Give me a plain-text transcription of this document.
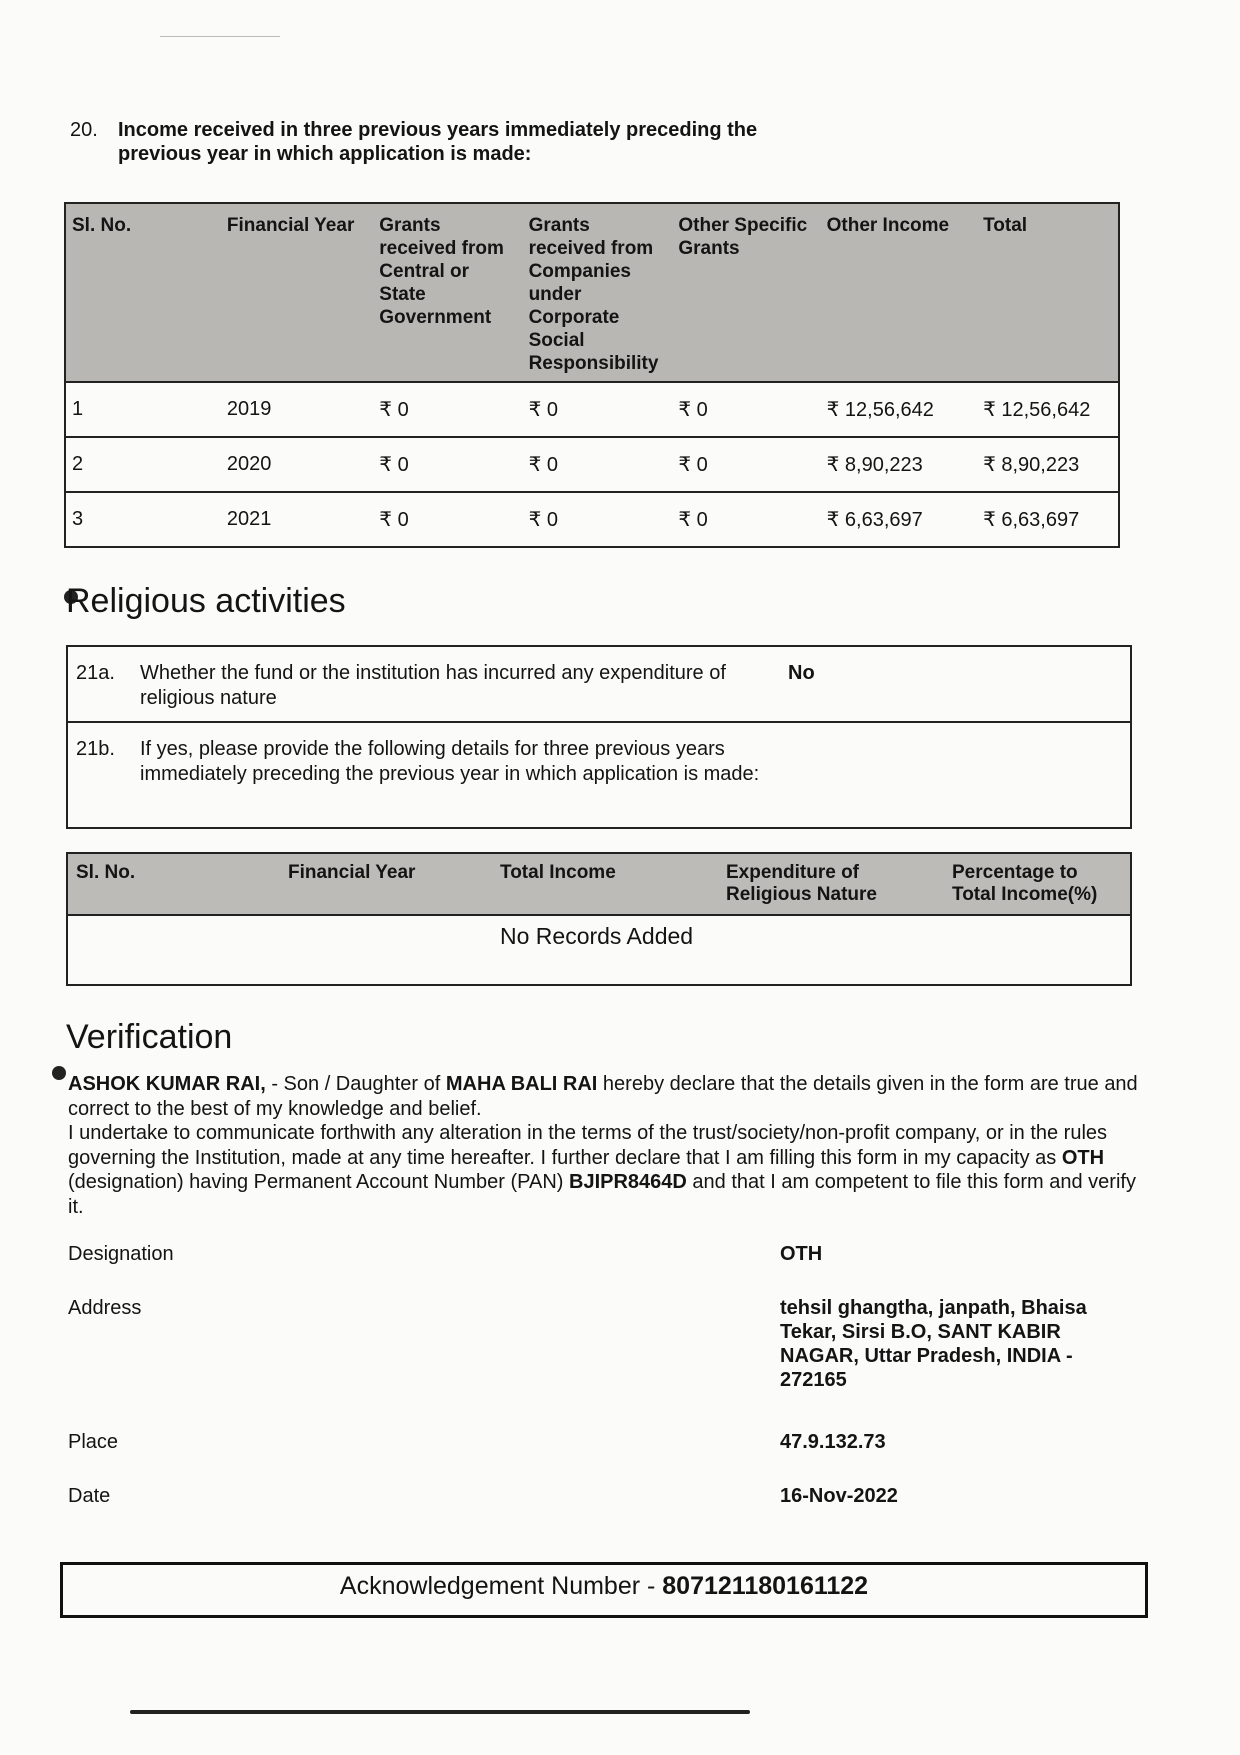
20. Income received in three previous years immediately preceding the previous year in which application is made:
Sl. No.	Financial Year	Grants received from Central or State Government	Grants received from Companies under Corporate Social Responsibility	Other Specific Grants	Other Income	Total
1	2019	₹ 0	₹ 0	₹ 0	₹ 12,56,642	₹ 12,56,642
2	2020	₹ 0	₹ 0	₹ 0	₹ 8,90,223	₹ 8,90,223
3	2021	₹ 0	₹ 0	₹ 0	₹ 6,63,697	₹ 6,63,697
Religious activities
21a. Whether the fund or the institution has incurred any expenditure of religious nature
No
21b. If yes, please provide the following details for three previous years immediately preceding the previous year in which application is made:
Sl. No.	Financial Year	Total Income	Expenditure of Religious Nature	Percentage to Total Income(%)
		No Records Added		
Verification
ASHOK KUMAR RAI, - Son / Daughter of MAHA BALI RAI hereby declare that the details given in the form are true and correct to the best of my knowledge and belief.
I undertake to communicate forthwith any alteration in the terms of the trust/society/non-profit company, or in the rules governing the Institution, made at any time hereafter. I further declare that I am filling this form in my capacity as OTH (designation) having Permanent Account Number (PAN) BJIPR8464D and that I am competent to file this form and verify it.
Designation	OTH
Address	tehsil ghangtha, janpath, Bhaisa Tekar, Sirsi B.O, SANT KABIR NAGAR, Uttar Pradesh, INDIA - 272165
Place	47.9.132.73
Date	16-Nov-2022
Acknowledgement Number - 807121180161122
